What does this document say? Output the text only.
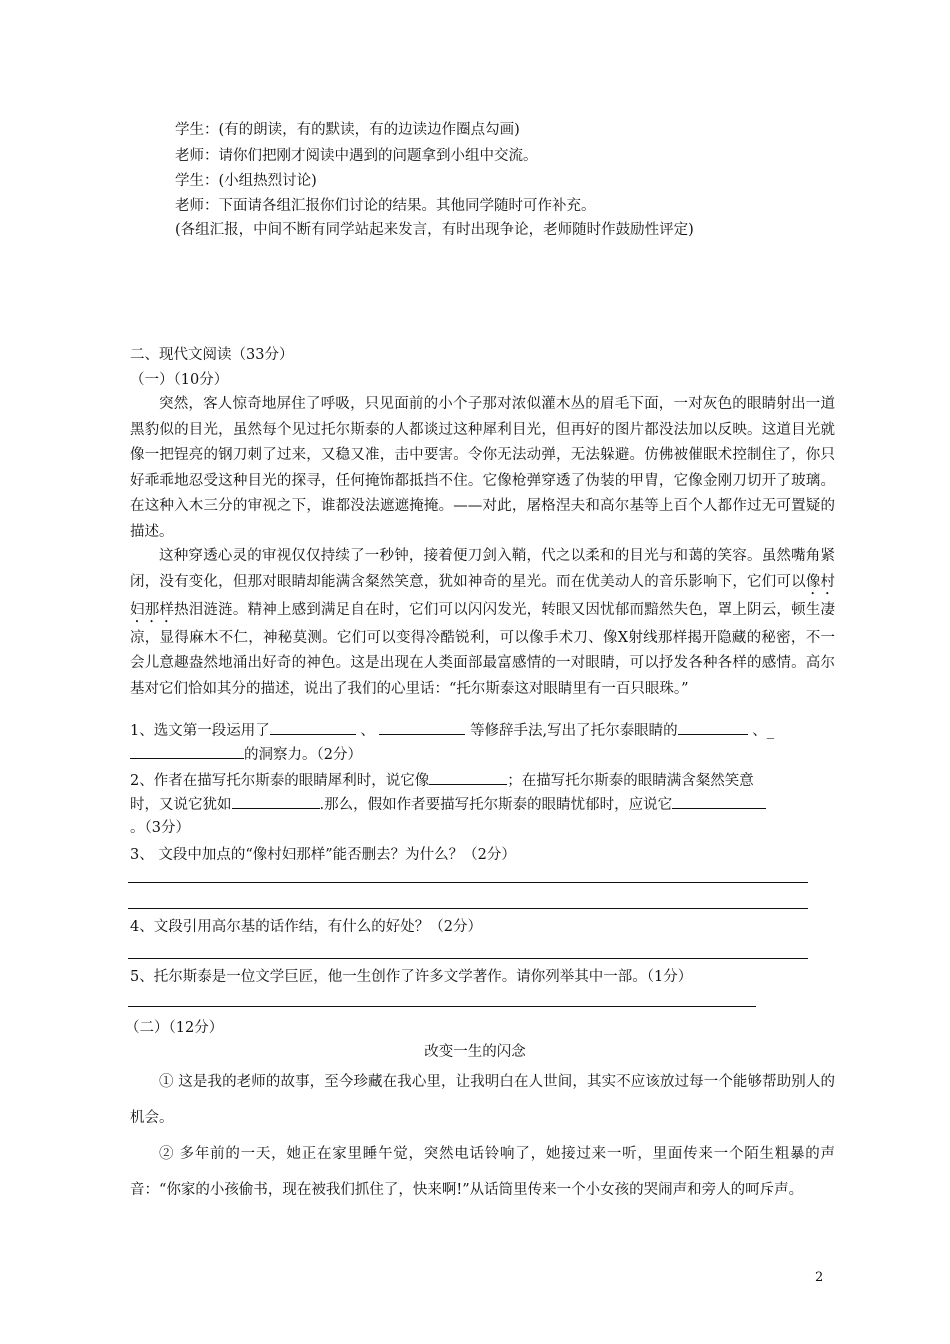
学生：(有的朗读，有的默读，有的边读边作圈点勾画)
老师：请你们把刚才阅读中遇到的问题拿到小组中交流。
学生：(小组热烈讨论)
老师：下面请各组汇报你们讨论的结果。其他同学随时可作补充。
(各组汇报，中间不断有同学站起来发言，有时出现争论，老师随时作鼓励性评定)
二、现代文阅读（33分）
（一）（10分）
突然，客人惊奇地屏住了呼吸，只见面前的小个子那对浓似灌木丛的眉毛下面，一对灰色的眼睛射出一道黑豹似的目光，虽然每个见过托尔斯泰的人都谈过这种犀利目光，但再好的图片都没法加以反映。这道目光就像一把锃亮的钢刀刺了过来，又稳又准，击中要害。令你无法动弹，无法躲避。仿佛被催眠术控制住了，你只好乖乖地忍受这种目光的探寻，任何掩饰都抵挡不住。它像枪弹穿透了伪装的甲胄，它像金刚刀切开了玻璃。在这种入木三分的审视之下，谁都没法遮遮掩掩。——对此，屠格涅夫和高尔基等上百个人都作过无可置疑的描述。
这种穿透心灵的审视仅仅持续了一秒钟，接着便刀剑入鞘，代之以柔和的目光与和蔼的笑容。虽然嘴角紧闭，没有变化，但那对眼睛却能满含粲然笑意，犹如神奇的星光。而在优美动人的音乐影响下，它们可以像村妇那样热泪涟涟。精神上感到满足自在时，它们可以闪闪发光，转眼又因忧郁而黯然失色，罩上阴云，顿生凄凉，显得麻木不仁，神秘莫测。它们可以变得冷酷锐利，可以像手术刀、像X射线那样揭开隐藏的秘密，不一会儿意趣盎然地涌出好奇的神色。这是出现在人类面部最富感情的一对眼睛，可以抒发各种各样的感情。高尔基对它们恰如其分的描述，说出了我们的心里话：“托尔斯泰这对眼睛里有一百只眼珠。”
1、选文第一段运用了	、	等修辞手法,写出了托尔泰眼睛的	、_
的洞察力。（2分）
2、作者在描写托尔斯泰的眼睛犀利时，说它像	；在描写托尔斯泰的眼睛满含粲然笑意
时，又说它犹如	.那么，假如作者要描写托尔斯泰的眼睛忧郁时，应说它
。（3分）
3、 文段中加点的“像村妇那样”能否删去？为什么？（2分）
4、文段引用高尔基的话作结，有什么的好处？（2分）
5、托尔斯泰是一位文学巨匠，他一生创作了许多文学著作。请你列举其中一部。（1分）
（二）（12分）
改变一生的闪念
① 这是我的老师的故事，至今珍藏在我心里，让我明白在人世间，其实不应该放过每一个能够帮助别人的机会。
② 多年前的一天，她正在家里睡午觉，突然电话铃响了，她接过来一听，里面传来一个陌生粗暴的声音：“你家的小孩偷书，现在被我们抓住了，快来啊!”从话筒里传来一个小女孩的哭闹声和旁人的呵斥声。
2
